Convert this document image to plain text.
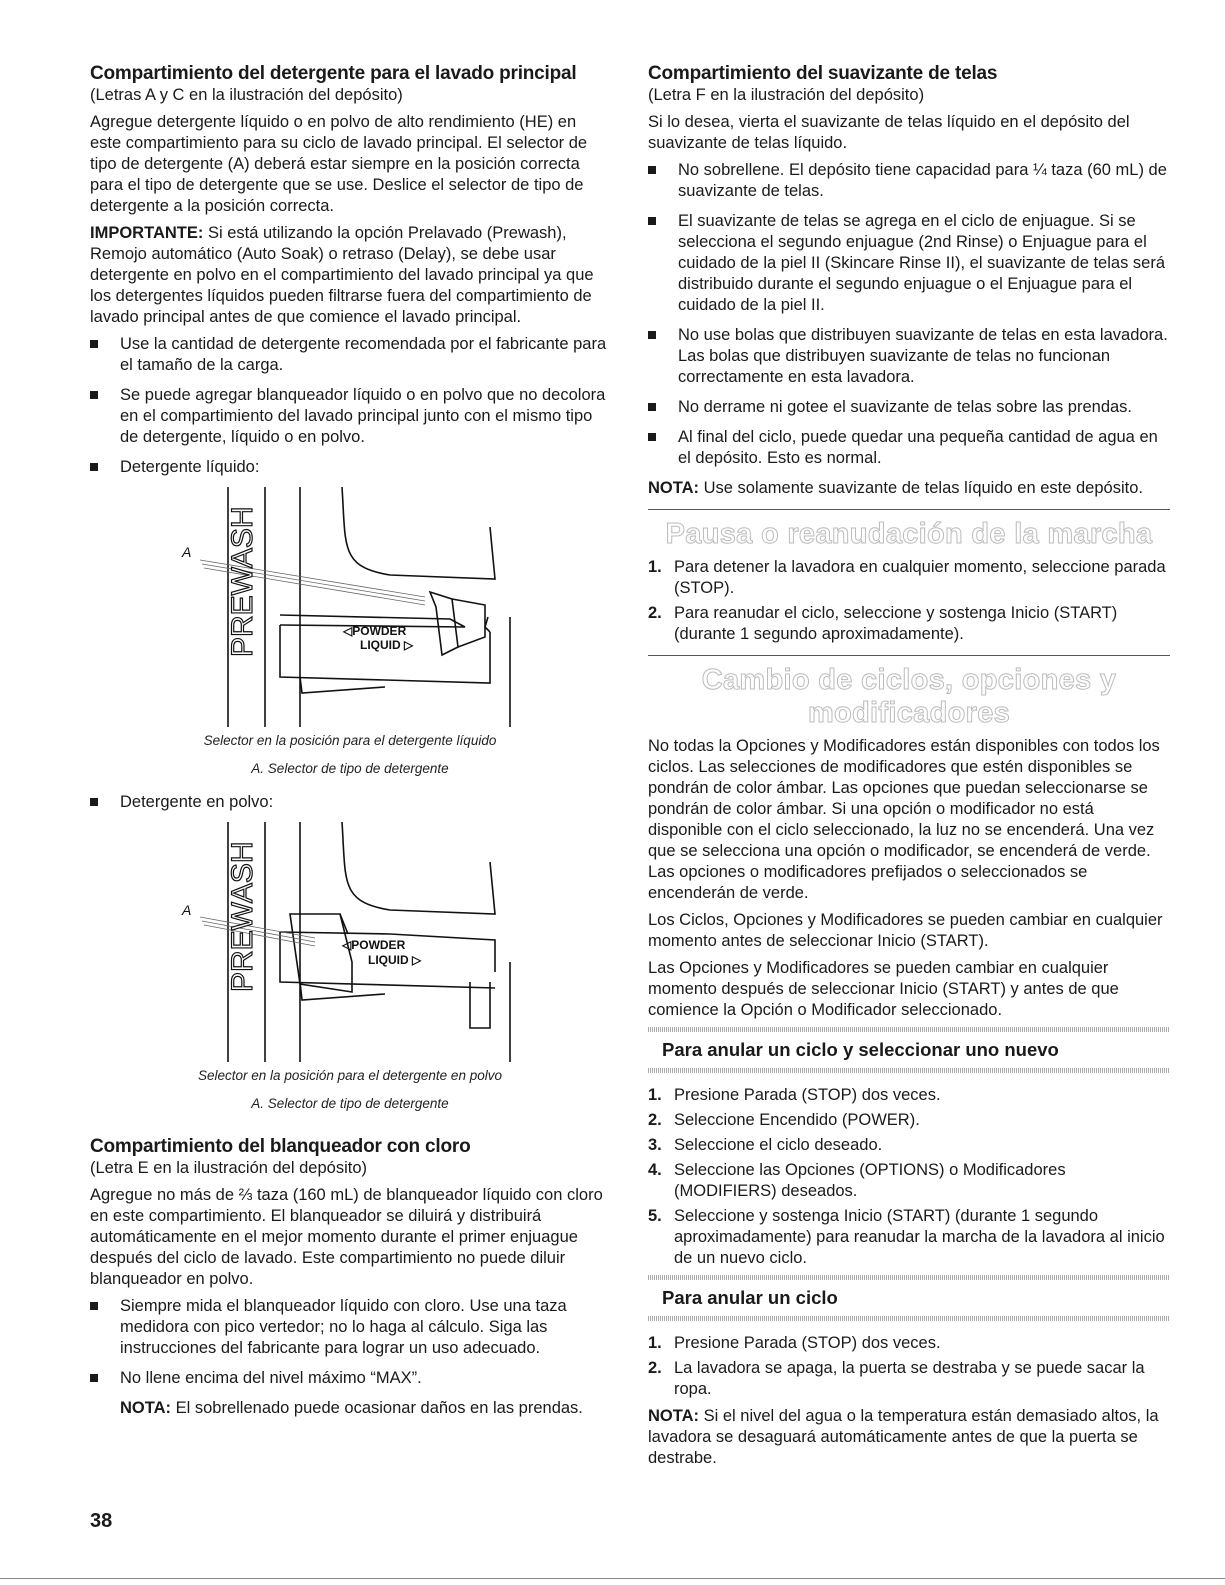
Compartimiento del detergente para el lavado principal

(Letras A y C en la ilustración del depósito)

Agregue detergente líquido o en polvo de alto rendimiento (HE) en este compartimiento para su ciclo de lavado principal. El selector de tipo de detergente (A) deberá estar siempre en la posición correcta para el tipo de detergente que se use. Deslice el selector de tipo de detergente a la posición correcta.

IMPORTANTE: Si está utilizando la opción Prelavado (Prewash), Remojo automático (Auto Soak) o retraso (Delay), se debe usar detergente en polvo en el compartimiento del lavado principal ya que los detergentes líquidos pueden filtrarse fuera del compartimiento de lavado principal antes de que comience el lavado principal.

Use la cantidad de detergente recomendada por el fabricante para el tamaño de la carga.
Se puede agregar blanqueador líquido o en polvo que no decolora en el compartimiento del lavado principal junto con el mismo tipo de detergente, líquido o en polvo.
Detergente líquido:
PREWASH	◁POWDER
LIQUID ▷
A
Selector en la posición para el detergente líquido
A. Selector de tipo de detergente
Detergente en polvo:
PREWASH	◁POWDER
LIQUID ▷
A
Selector en la posición para el detergente en polvo
A. Selector de tipo de detergente
Compartimiento del blanqueador con cloro

(Letra E en la ilustración del depósito)

Agregue no más de ⅔ taza (160 mL) de blanqueador líquido con cloro en este compartimiento. El blanqueador se diluirá y distribuirá automáticamente en el mejor momento durante el primer enjuague después del ciclo de lavado. Este compartimiento no puede diluir blanqueador en polvo.

Siempre mida el blanqueador líquido con cloro. Use una taza medidora con pico vertedor; no lo haga al cálculo. Siga las instrucciones del fabricante para lograr un uso adecuado.
No llene encima del nivel máximo “MAX”.

NOTA: El sobrellenado puede ocasionar daños en las prendas.

Compartimiento del suavizante de telas

(Letra F en la ilustración del depósito)

Si lo desea, vierta el suavizante de telas líquido en el depósito del suavizante de telas líquido.

No sobrellene. El depósito tiene capacidad para ¼ taza (60 mL) de suavizante de telas.
El suavizante de telas se agrega en el ciclo de enjuague. Si se selecciona el segundo enjuague (2nd Rinse) o Enjuague para el cuidado de la piel II (Skincare Rinse II), el suavizante de telas será distribuido durante el segundo enjuague o el Enjuague para el cuidado de la piel II.
No use bolas que distribuyen suavizante de telas en esta lavadora. Las bolas que distribuyen suavizante de telas no funcionan correctamente en esta lavadora.
No derrame ni gotee el suavizante de telas sobre las prendas.
Al final del ciclo, puede quedar una pequeña cantidad de agua en el depósito. Esto es normal.

NOTA: Use solamente suavizante de telas líquido en este depósito.

Pausa o reanudación de la marcha
1. Para detener la lavadora en cualquier momento, seleccione parada (STOP).
2. Para reanudar el ciclo, seleccione y sostenga Inicio (START) (durante 1 segundo aproximadamente).
Cambio de ciclos, opciones y
modificadores

No todas la Opciones y Modificadores están disponibles con todos los ciclos. Las selecciones de modificadores que estén disponibles se pondrán de color ámbar. Las opciones que puedan seleccionarse se pondrán de color ámbar. Si una opción o modificador no está disponible con el ciclo seleccionado, la luz no se encenderá. Una vez que se selecciona una opción o modificador, se encenderá de verde. Las opciones o modificadores prefijados o seleccionados se encenderán de verde.

Los Ciclos, Opciones y Modificadores se pueden cambiar en cualquier momento antes de seleccionar Inicio (START).

Las Opciones y Modificadores se pueden cambiar en cualquier momento después de seleccionar Inicio (START) y antes de que comience la Opción o Modificador seleccionado.

Para anular un ciclo y seleccionar uno nuevo
1. Presione Parada (STOP) dos veces.
2. Seleccione Encendido (POWER).
3. Seleccione el ciclo deseado.
4. Seleccione las Opciones (OPTIONS) o Modificadores (MODIFIERS) deseados.
5. Seleccione y sostenga Inicio (START) (durante 1 segundo aproximadamente) para reanudar la marcha de la lavadora al inicio de un nuevo ciclo.
Para anular un ciclo
1. Presione Parada (STOP) dos veces.
2. La lavadora se apaga, la puerta se destraba y se puede sacar la ropa.

NOTA: Si el nivel del agua o la temperatura están demasiado altos, la lavadora se desaguará automáticamente antes de que la puerta se destrabe.

38
